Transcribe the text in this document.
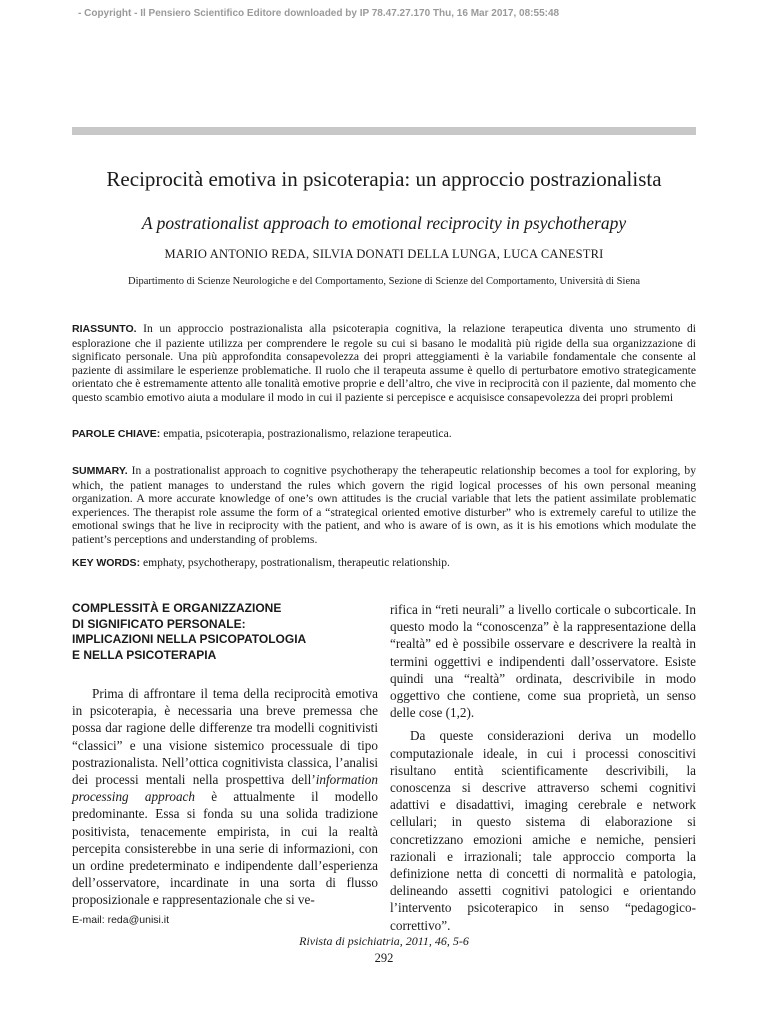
- Copyright - Il Pensiero Scientifico Editore downloaded by IP 78.47.27.170 Thu, 16 Mar 2017, 08:55:48
Reciprocità emotiva in psicoterapia: un approccio postrazionalista
A postrationalist approach to emotional reciprocity in psychotherapy
MARIO ANTONIO REDA, SILVIA DONATI DELLA LUNGA, LUCA CANESTRI
Dipartimento di Scienze Neurologiche e del Comportamento, Sezione di Scienze del Comportamento, Università di Siena

RIASSUNTO. In un approccio postrazionalista alla psicoterapia cognitiva, la relazione terapeutica diventa uno strumento di esplorazione che il paziente utilizza per comprendere le regole su cui si basano le modalità più rigide della sua organizzazione di significato personale. Una più approfondita consapevolezza dei propri atteggiamenti è la variabile fondamentale che consente al paziente di assimilare le esperienze problematiche. Il ruolo che il terapeuta assume è quello di perturbatore emotivo strategicamente orientato che è estremamente attento alle tonalità emotive proprie e dell’altro, che vive in reciprocità con il paziente, dal momento che questo scambio emotivo aiuta a modulare il modo in cui il paziente si percepisce e acquisisce consapevolezza dei propri problemi

PAROLE CHIAVE: empatia, psicoterapia, postrazionalismo, relazione terapeutica.

SUMMARY. In a postrationalist approach to cognitive psychotherapy the teherapeutic relationship becomes a tool for exploring, by which, the patient manages to understand the rules which govern the rigid logical processes of his own personal meaning organization. A more accurate knowledge of one’s own attitudes is the crucial variable that lets the patient assimilate problematic experiences. The therapist role assume the form of a “strategical oriented emotive disturber” who is extremely careful to utilize the emotional swings that he live in reciprocity with the patient, and who is aware of is own, as it is his emotions which modulate the patient’s perceptions and understanding of problems.

KEY WORDS: emphaty, psychotherapy, postrationalism, therapeutic relationship.

COMPLESSITÀ E ORGANIZZAZIONE
DI SIGNIFICATO PERSONALE:
IMPLICAZIONI NELLA PSICOPATOLOGIA
E NELLA PSICOTERAPIA

Prima di affrontare il tema della reciprocità emotiva in psicoterapia, è necessaria una breve premessa che possa dar ragione delle differenze tra modelli cognitivisti “classici” e una visione sistemico processuale di tipo postrazionalista. Nell’ottica cognitivista classica, l’analisi dei processi mentali nella prospettiva dell’information processing approach è attualmente il modello predominante. Essa si fonda su una solida tradizione positivista, tenacemente empirista, in cui la realtà percepita consisterebbe in una serie di informazioni, con un ordine predeterminato e indipendente dall’esperienza dell’osservatore, incardinate in una sorta di flusso proposizionale e rappresentazionale che si ve-

rifica in “reti neurali” a livello corticale o subcorticale. In questo modo la “conoscenza” è la rappresentazione della “realtà” ed è possibile osservare e descrivere la realtà in termini oggettivi e indipendenti dall’osservatore. Esiste quindi una “realtà” ordinata, descrivibile in modo oggettivo che contiene, come sua proprietà, un senso delle cose (1,2).

Da queste considerazioni deriva un modello computazionale ideale, in cui i processi conoscitivi risultano entità scientificamente descrivibili, la conoscenza si descrive attraverso schemi cognitivi adattivi e disadattivi, imaging cerebrale e network cellulari; in questo sistema di elaborazione si concretizzano emozioni amiche e nemiche, pensieri razionali e irrazionali; tale approccio comporta la definizione netta di concetti di normalità e patologia, delineando assetti cognitivi patologici e orientando l’intervento psicoterapico in senso “pedagogico-correttivo”.

E-mail: reda@unisi.it
Rivista di psichiatria, 2011, 46, 5-6
292
